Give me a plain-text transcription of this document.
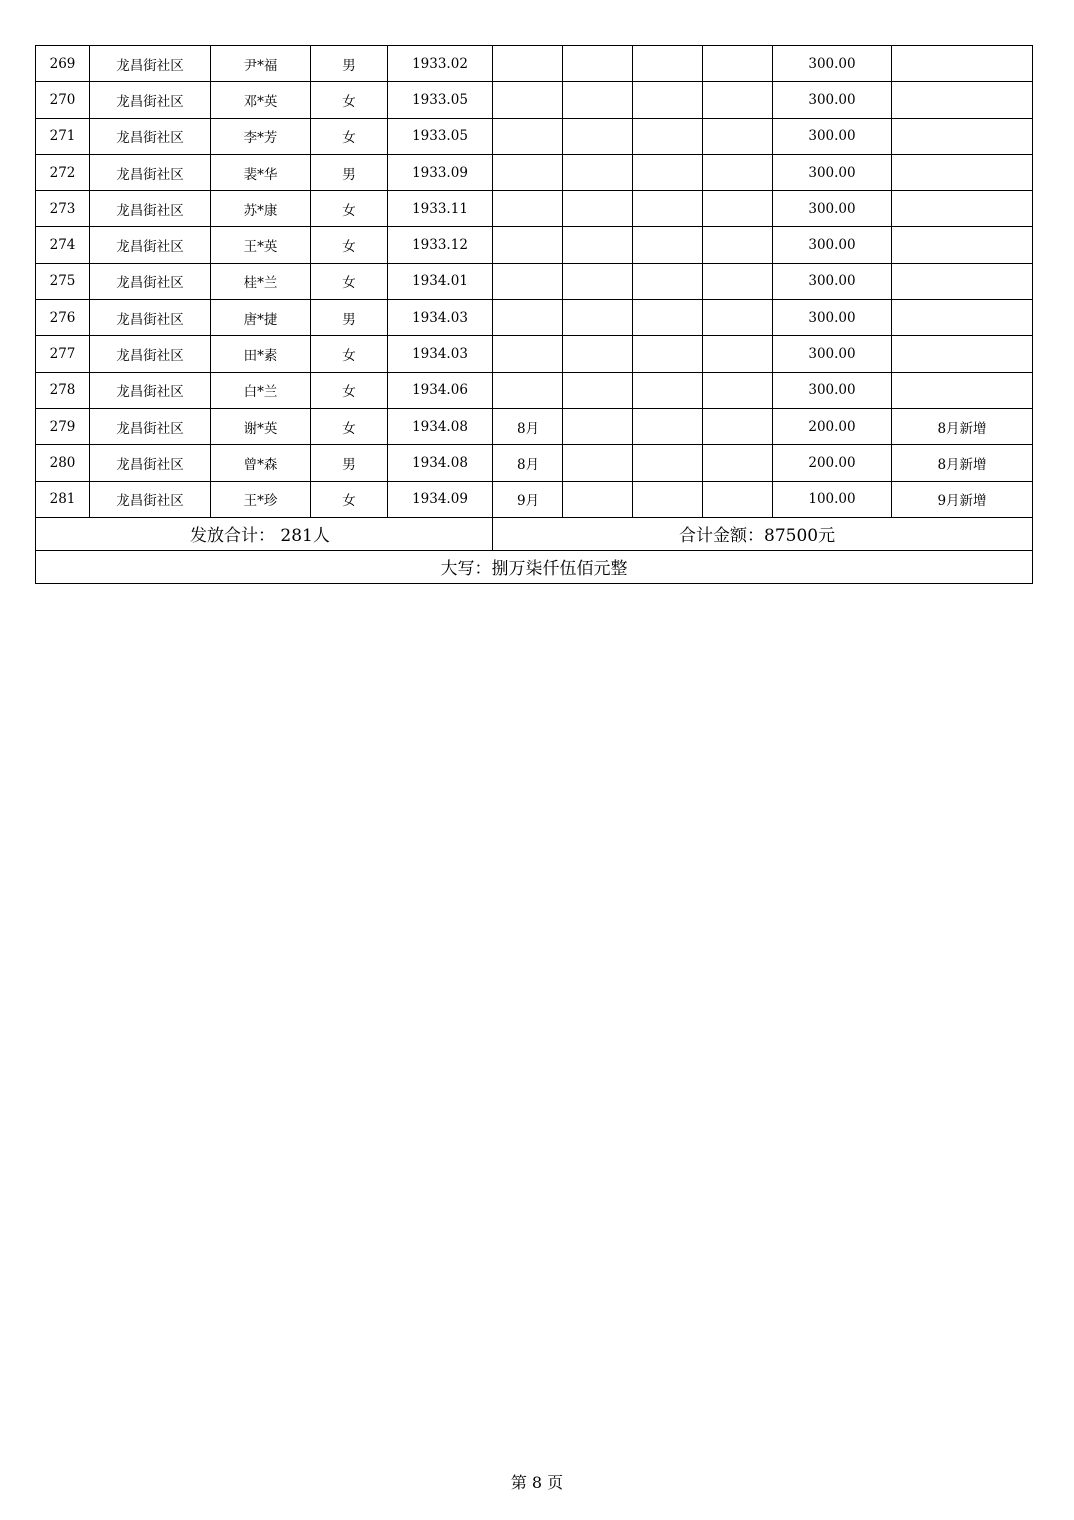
269	龙昌街社区	尹*福	男	1933.02					300.00	
270	龙昌街社区	邓*英	女	1933.05					300.00	
271	龙昌街社区	李*芳	女	1933.05					300.00	
272	龙昌街社区	裴*华	男	1933.09					300.00	
273	龙昌街社区	苏*康	女	1933.11					300.00	
274	龙昌街社区	王*英	女	1933.12					300.00	
275	龙昌街社区	桂*兰	女	1934.01					300.00	
276	龙昌街社区	唐*捷	男	1934.03					300.00	
277	龙昌街社区	田*素	女	1934.03					300.00	
278	龙昌街社区	白*兰	女	1934.06					300.00	
279	龙昌街社区	谢*英	女	1934.08	8月				200.00	8月新增
280	龙昌街社区	曾*森	男	1934.08	8月				200.00	8月新增
281	龙昌街社区	王*珍	女	1934.09	9月				100.00	9月新增
发放合计： 281人					合计金额：87500元					
大写：捌万柒仟伍佰元整										
第 8 页
